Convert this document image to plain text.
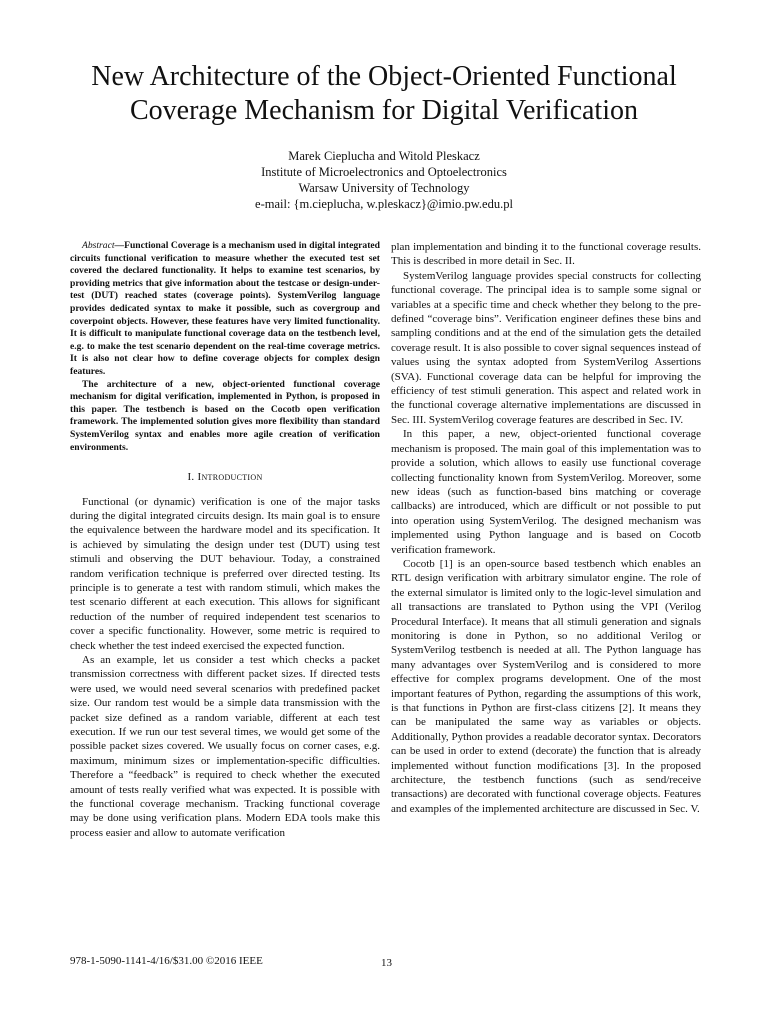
New Architecture of the Object-Oriented Functional
Coverage Mechanism for Digital Verification
Marek Cieplucha and Witold Pleskacz
Institute of Microelectronics and Optoelectronics
Warsaw University of Technology
e-mail: {m.cieplucha, w.pleskacz}@imio.pw.edu.pl

Abstract—Functional Coverage is a mechanism used in digital integrated circuits functional verification to measure whether the executed test set covered the declared functionality. It helps to examine test scenarios, by providing metrics that give information about the testcase or design-under-test (DUT) reached states (coverage points). SystemVerilog language provides dedicated syntax to make it possible, such as covergroup and coverpoint objects. However, these features have very limited functionality. It is difficult to manipulate functional coverage data on the testbench level, e.g. to make the test scenario dependent on the real-time coverage metrics. It is also not clear how to define coverage objects for complex design features.

The architecture of a new, object-oriented functional coverage mechanism for digital verification, implemented in Python, is proposed in this paper. The testbench is based on the Cocotb open verification framework. The implemented solution gives more flexibility than standard SystemVerilog syntax and enables more agile creation of verification environments.

I. Introduction

Functional (or dynamic) verification is one of the major tasks during the digital integrated circuits design. Its main goal is to ensure the equivalence between the hardware model and its specification. It is achieved by simulating the design under test (DUT) using test stimuli and observing the DUT behaviour. Today, a constrained random verification technique is preferred over directed testing. Its principle is to generate a test with random stimuli, which makes the test scenario different at each execution. This allows for significant reduction of the number of required independent test scenarios to cover a specific functionality. However, some metric is required to check whether the test indeed exercised the expected function.

As an example, let us consider a test which checks a packet transmission correctness with different packet sizes. If directed tests were used, we would need several scenarios with predefined packet size. Our random test would be a simple data transmission with the packet size defined as a random variable, different at each test execution. If we run our test several times, we would get some of the possible packet sizes covered. We usually focus on corner cases, e.g. maximum, minimum sizes or implementation-specific difficulties. Therefore a “feedback” is required to check whether the executed amount of tests really verified what was expected. It is possible with the functional coverage mechanism. Tracking functional coverage may be done using verification plans. Modern EDA tools make this process easier and allow to automate verification

plan implementation and binding it to the functional coverage results. This is described in more detail in Sec. II.

SystemVerilog language provides special constructs for collecting functional coverage. The principal idea is to sample some signal or variables at a specific time and check whether they belong to the pre-defined “coverage bins”. Verification engineer defines these bins and sampling conditions and at the end of the simulation gets the detailed coverage result. It is also possible to cover signal sequences instead of values using the syntax adopted from SystemVerilog Assertions (SVA). Functional coverage data can be helpful for improving the efficiency of test stimuli generation. This aspect and related work in the functional coverage alternative implementations are discussed in Sec. III. SystemVerilog coverage features are described in Sec. IV.

In this paper, a new, object-oriented functional coverage mechanism is proposed. The main goal of this implementation was to provide a solution, which allows to easily use functional coverage collecting functionality known from SystemVerilog. Moreover, some new ideas (such as function-based bins matching or coverage callbacks) are introduced, which are difficult or not possible to put into operation using SystemVerilog. The designed mechanism was implemented using Python language and is based on Cocotb verification framework.

Cocotb [1] is an open-source based testbench which enables an RTL design verification with arbitrary simulator engine. The role of the external simulator is limited only to the logic-level simulation and all transactions are translated to Python using the VPI (Verilog Procedural Interface). It means that all stimuli generation and signals monitoring is done in Python, so no additional Verilog or SystemVerilog testbench is needed at all. The Python language has many advantages over SystemVerilog and is considered to more effective for complex programs development. One of the most important features of Python, regarding the assumptions of this work, is that functions in Python are first-class citizens [2]. It means they can be manipulated the same way as variables or objects. Additionally, Python provides a readable decorator syntax. Decorators can be used in order to extend (decorate) the function that is already implemented without function modifications [3]. In the proposed architecture, the testbench functions (such as send/receive transactions) are decorated with functional coverage objects. Features and examples of the implemented architecture are discussed in Sec. V.

978-1-5090-1141-4/16/$31.00 ©2016 IEEE	13
